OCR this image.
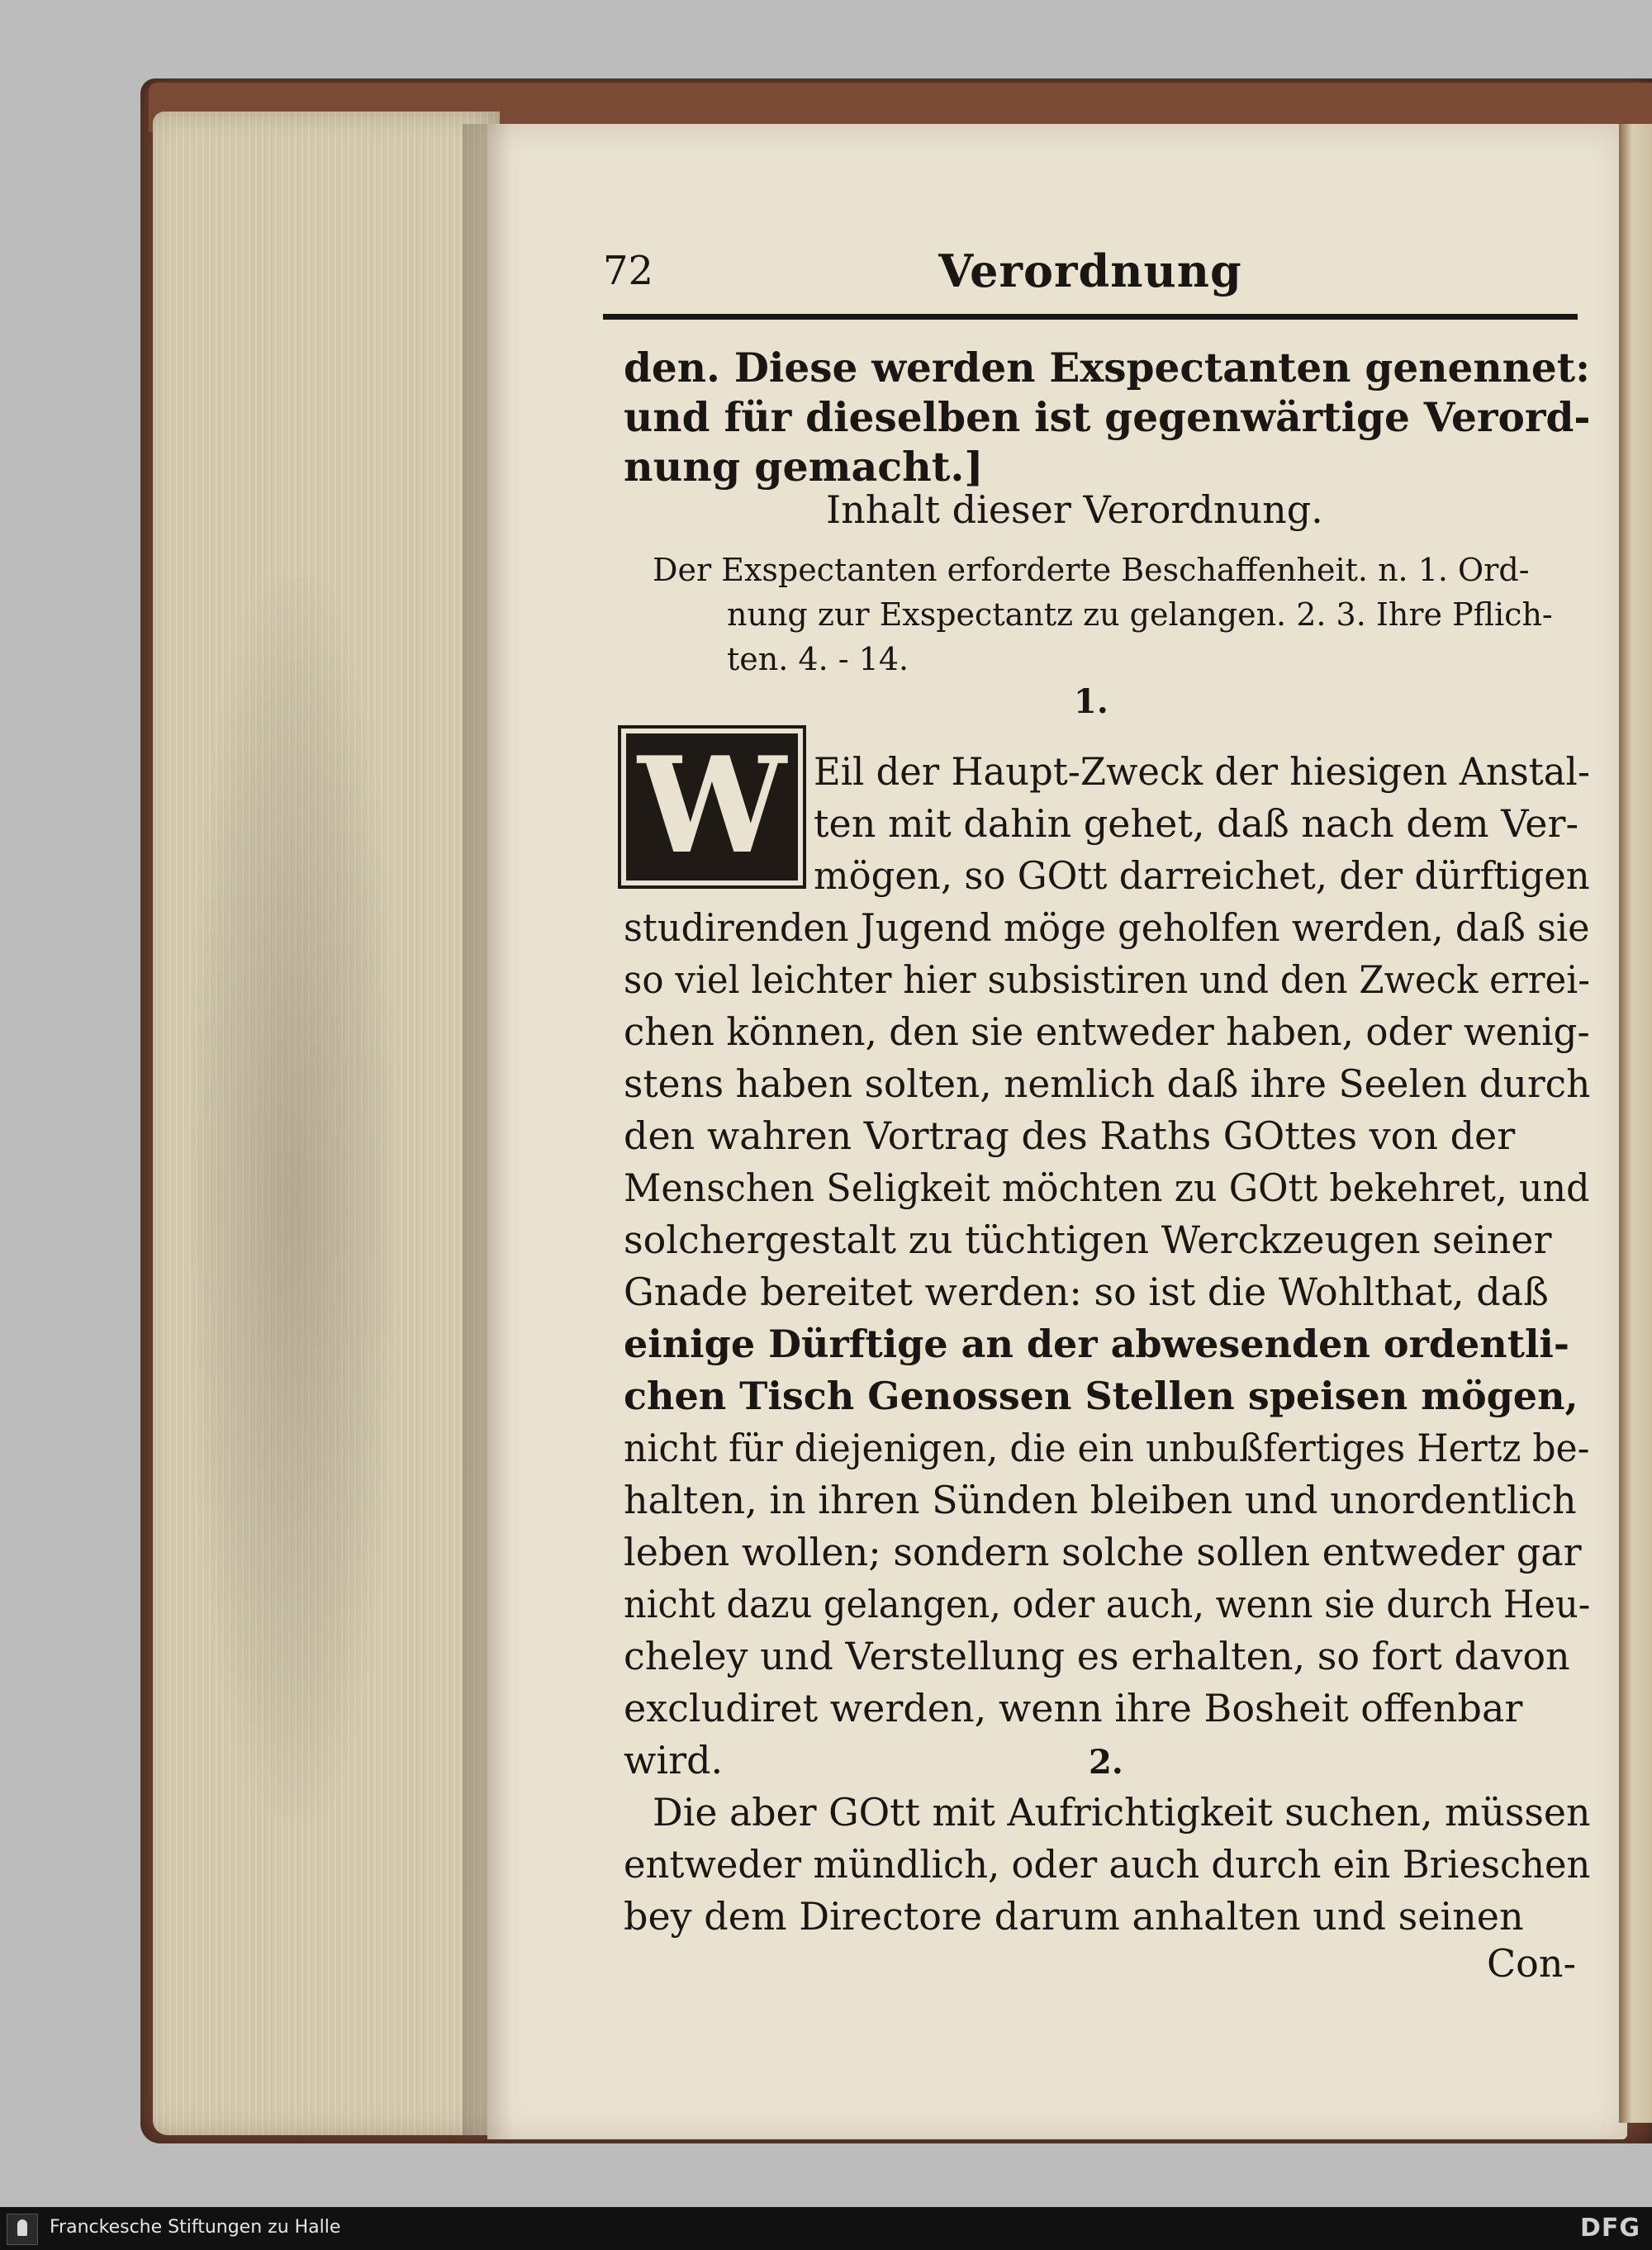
72	Verordnung
den. Diese werden Exspectanten genennet:
und für dieselben ist gegenwärtige Verord-
nung gemacht.]
Inhalt dieser Verordnung.
Der Exspectanten erforderte Beschaffenheit. n. 1. Ord-
nung zur Exspectantz zu gelangen. 2. 3. Ihre Pflich-
ten. 4. - 14.
1.
W Eil der Haupt-Zweck der hiesigen Anstal-
ten mit dahin gehet, daß nach dem Ver-
mögen, so GOtt darreichet, der dürftigen
studirenden Jugend möge geholfen werden, daß sie
so viel leichter hier subsistiren und den Zweck errei-
chen können, den sie entweder haben, oder wenig-
stens haben solten, nemlich daß ihre Seelen durch
den wahren Vortrag des Raths GOttes von der
Menschen Seligkeit möchten zu GOtt bekehret, und
solchergestalt zu tüchtigen Werckzeugen seiner
Gnade bereitet werden: so ist die Wohlthat, daß
einige Dürftige an der abwesenden ordentli-
chen Tisch Genossen Stellen speisen mögen,
nicht für diejenigen, die ein unbußfertiges Hertz be-
halten, in ihren Sünden bleiben und unordentlich
leben wollen; sondern solche sollen entweder gar
nicht dazu gelangen, oder auch, wenn sie durch Heu-
cheley und Verstellung es erhalten, so fort davon
excludiret werden, wenn ihre Bosheit offenbar
wird.	2.
Die aber GOtt mit Aufrichtigkeit suchen, müssen
entweder mündlich, oder auch durch ein Brieschen
bey dem Directore darum anhalten und seinen
Con-
Franckesche Stiftungen zu Halle	DFG
